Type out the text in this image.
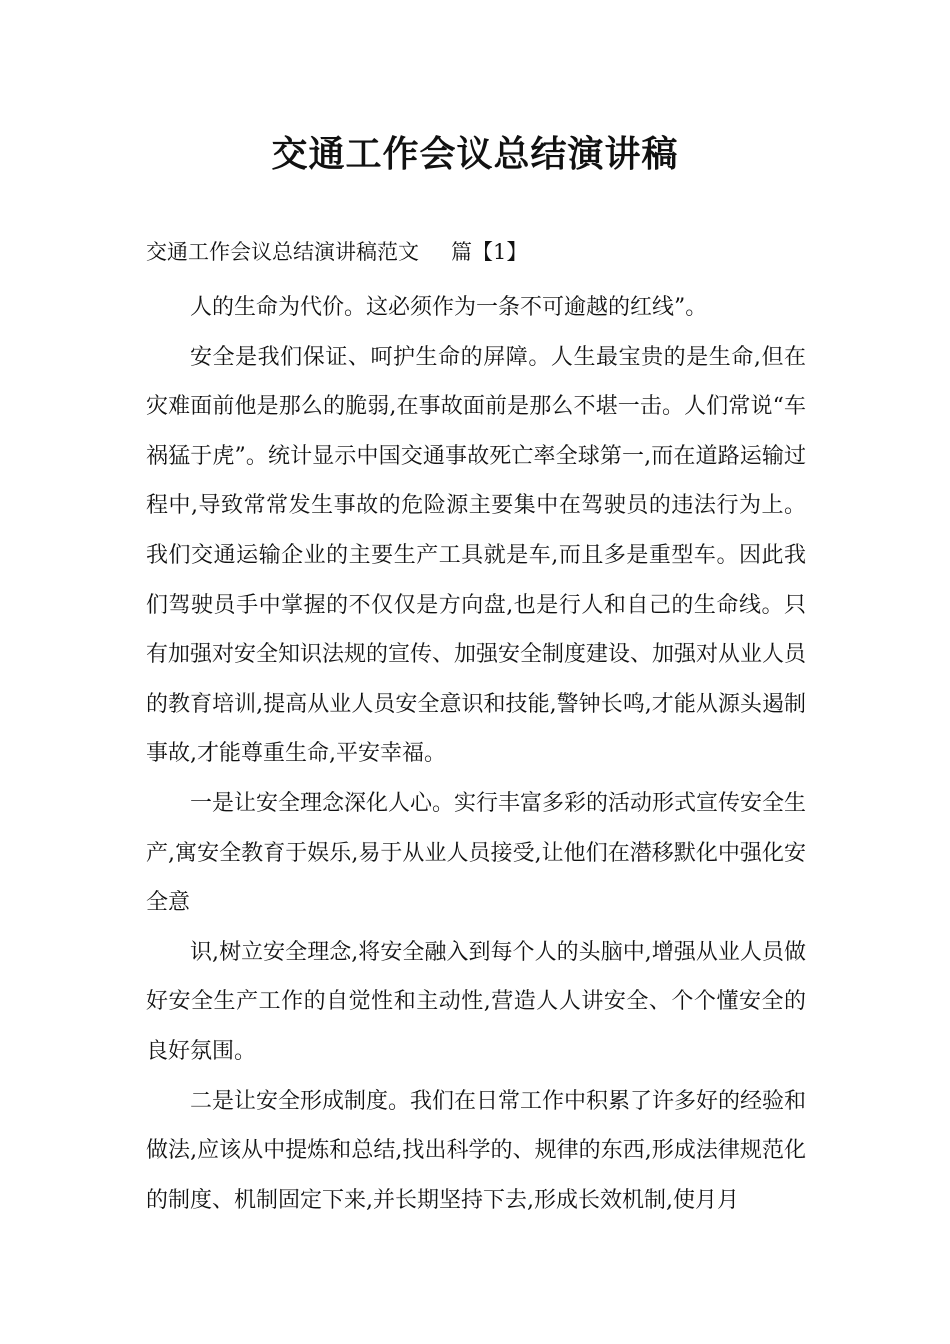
交通工作会议总结演讲稿
交通工作会议总结演讲稿范文 篇【1】

人的生命为代价。这必须作为一条不可逾越的红线”。

安全是我们保证、呵护生命的屏障。人生最宝贵的是生命,但在灾难面前他是那么的脆弱,在事故面前是那么不堪一击。人们常说“车祸猛于虎”。统计显示中国交通事故死亡率全球第一,而在道路运输过程中,导致常常发生事故的危险源主要集中在驾驶员的违法行为上。我们交通运输企业的主要生产工具就是车,而且多是重型车。因此我们驾驶员手中掌握的不仅仅是方向盘,也是行人和自己的生命线。只有加强对安全知识法规的宣传、加强安全制度建设、加强对从业人员的教育培训,提高从业人员安全意识和技能,警钟长鸣,才能从源头遏制事故,才能尊重生命,平安幸福。

一是让安全理念深化人心。实行丰富多彩的活动形式宣传安全生产,寓安全教育于娱乐,易于从业人员接受,让他们在潜移默化中强化安全意

识,树立安全理念,将安全融入到每个人的头脑中,增强从业人员做好安全生产工作的自觉性和主动性,营造人人讲安全、个个懂安全的良好氛围。

二是让安全形成制度。我们在日常工作中积累了许多好的经验和做法,应该从中提炼和总结,找出科学的、规律的东西,形成法律规范化的制度、机制固定下来,并长期坚持下去,形成长效机制,使月月
